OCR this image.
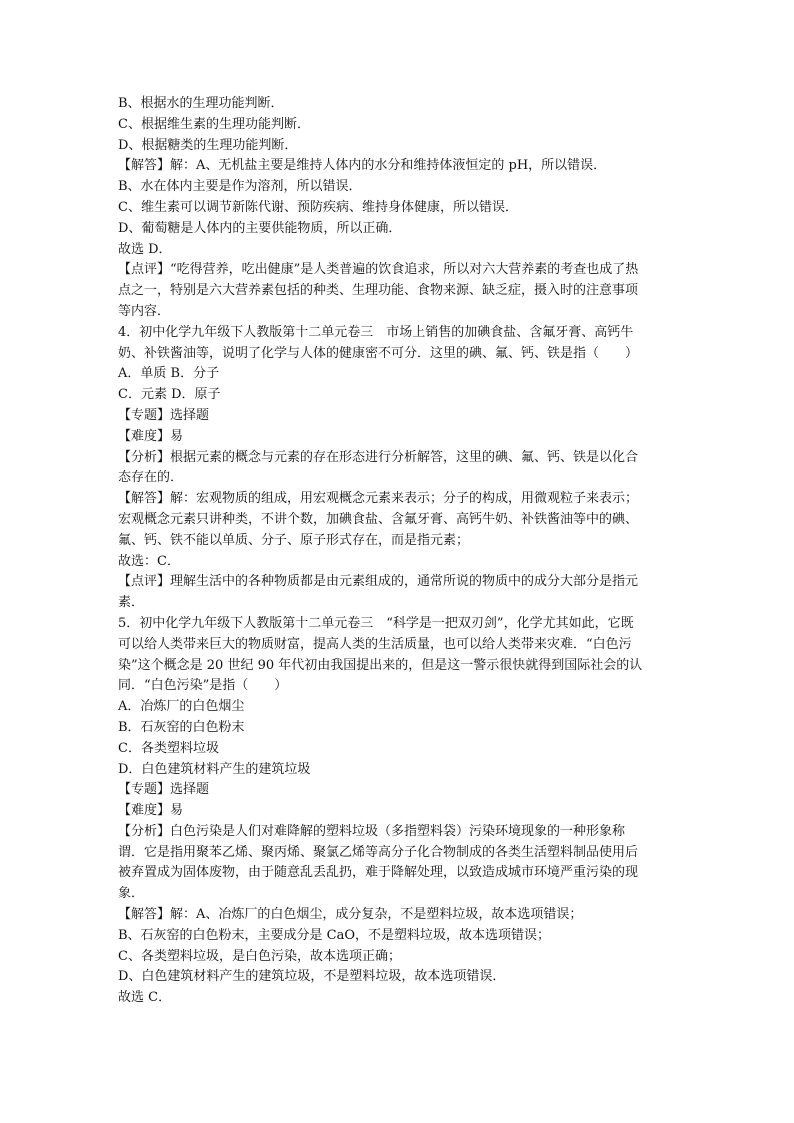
B、根据水的生理功能判断．

C、根据维生素的生理功能判断．

D、根据糖类的生理功能判断．

【解答】解：A、无机盐主要是维持人体内的水分和维持体液恒定的 pH，所以错误．

B、水在体内主要是作为溶剂，所以错误．

C、维生素可以调节新陈代谢、预防疾病、维持身体健康，所以错误．

D、葡萄糖是人体内的主要供能物质，所以正确．

故选 D．

【点评】“吃得营养，吃出健康”是人类普遍的饮食追求，所以对六大营养素的考查也成了热

点之一，特别是六大营养素包括的种类、生理功能、食物来源、缺乏症，摄入时的注意事项

等内容．

4．初中化学九年级下人教版第十二单元卷三　市场上销售的加碘食盐、含氟牙膏、高钙牛

奶、补铁酱油等，说明了化学与人体的健康密不可分．这里的碘、氟、钙、铁是指（　　）

A．单质 B．分子

C．元素 D．原子

【专题】选择题

【难度】易

【分析】根据元素的概念与元素的存在形态进行分析解答，这里的碘、氟、钙、铁是以化合

态存在的．

【解答】解：宏观物质的组成，用宏观概念元素来表示；分子的构成，用微观粒子来表示；

宏观概念元素只讲种类，不讲个数，加碘食盐、含氟牙膏、高钙牛奶、补铁酱油等中的碘、

氟、钙、铁不能以单质、分子、原子形式存在，而是指元素；

故选：C．

【点评】理解生活中的各种物质都是由元素组成的，通常所说的物质中的成分大部分是指元

素．

5．初中化学九年级下人教版第十二单元卷三　“科学是一把双刃剑”，化学尤其如此，它既

可以给人类带来巨大的物质财富，提高人类的生活质量，也可以给人类带来灾难．“白色污

染”这个概念是 20 世纪 90 年代初由我国提出来的，但是这一警示很快就得到国际社会的认

同．“白色污染”是指（　　）

A．冶炼厂的白色烟尘

B．石灰窑的白色粉末

C．各类塑料垃圾

D．白色建筑材料产生的建筑垃圾

【专题】选择题

【难度】易

【分析】白色污染是人们对难降解的塑料垃圾（多指塑料袋）污染环境现象的一种形象称

谓．它是指用聚苯乙烯、聚丙烯、聚氯乙烯等高分子化合物制成的各类生活塑料制品使用后

被弃置成为固体废物，由于随意乱丢乱扔，难于降解处理，以致造成城市环境严重污染的现

象．

【解答】解：A、冶炼厂的白色烟尘，成分复杂，不是塑料垃圾，故本选项错误；

B、石灰窑的白色粉末，主要成分是 CaO，不是塑料垃圾，故本选项错误；

C、各类塑料垃圾，是白色污染，故本选项正确；

D、白色建筑材料产生的建筑垃圾，不是塑料垃圾，故本选项错误．

故选 C．
